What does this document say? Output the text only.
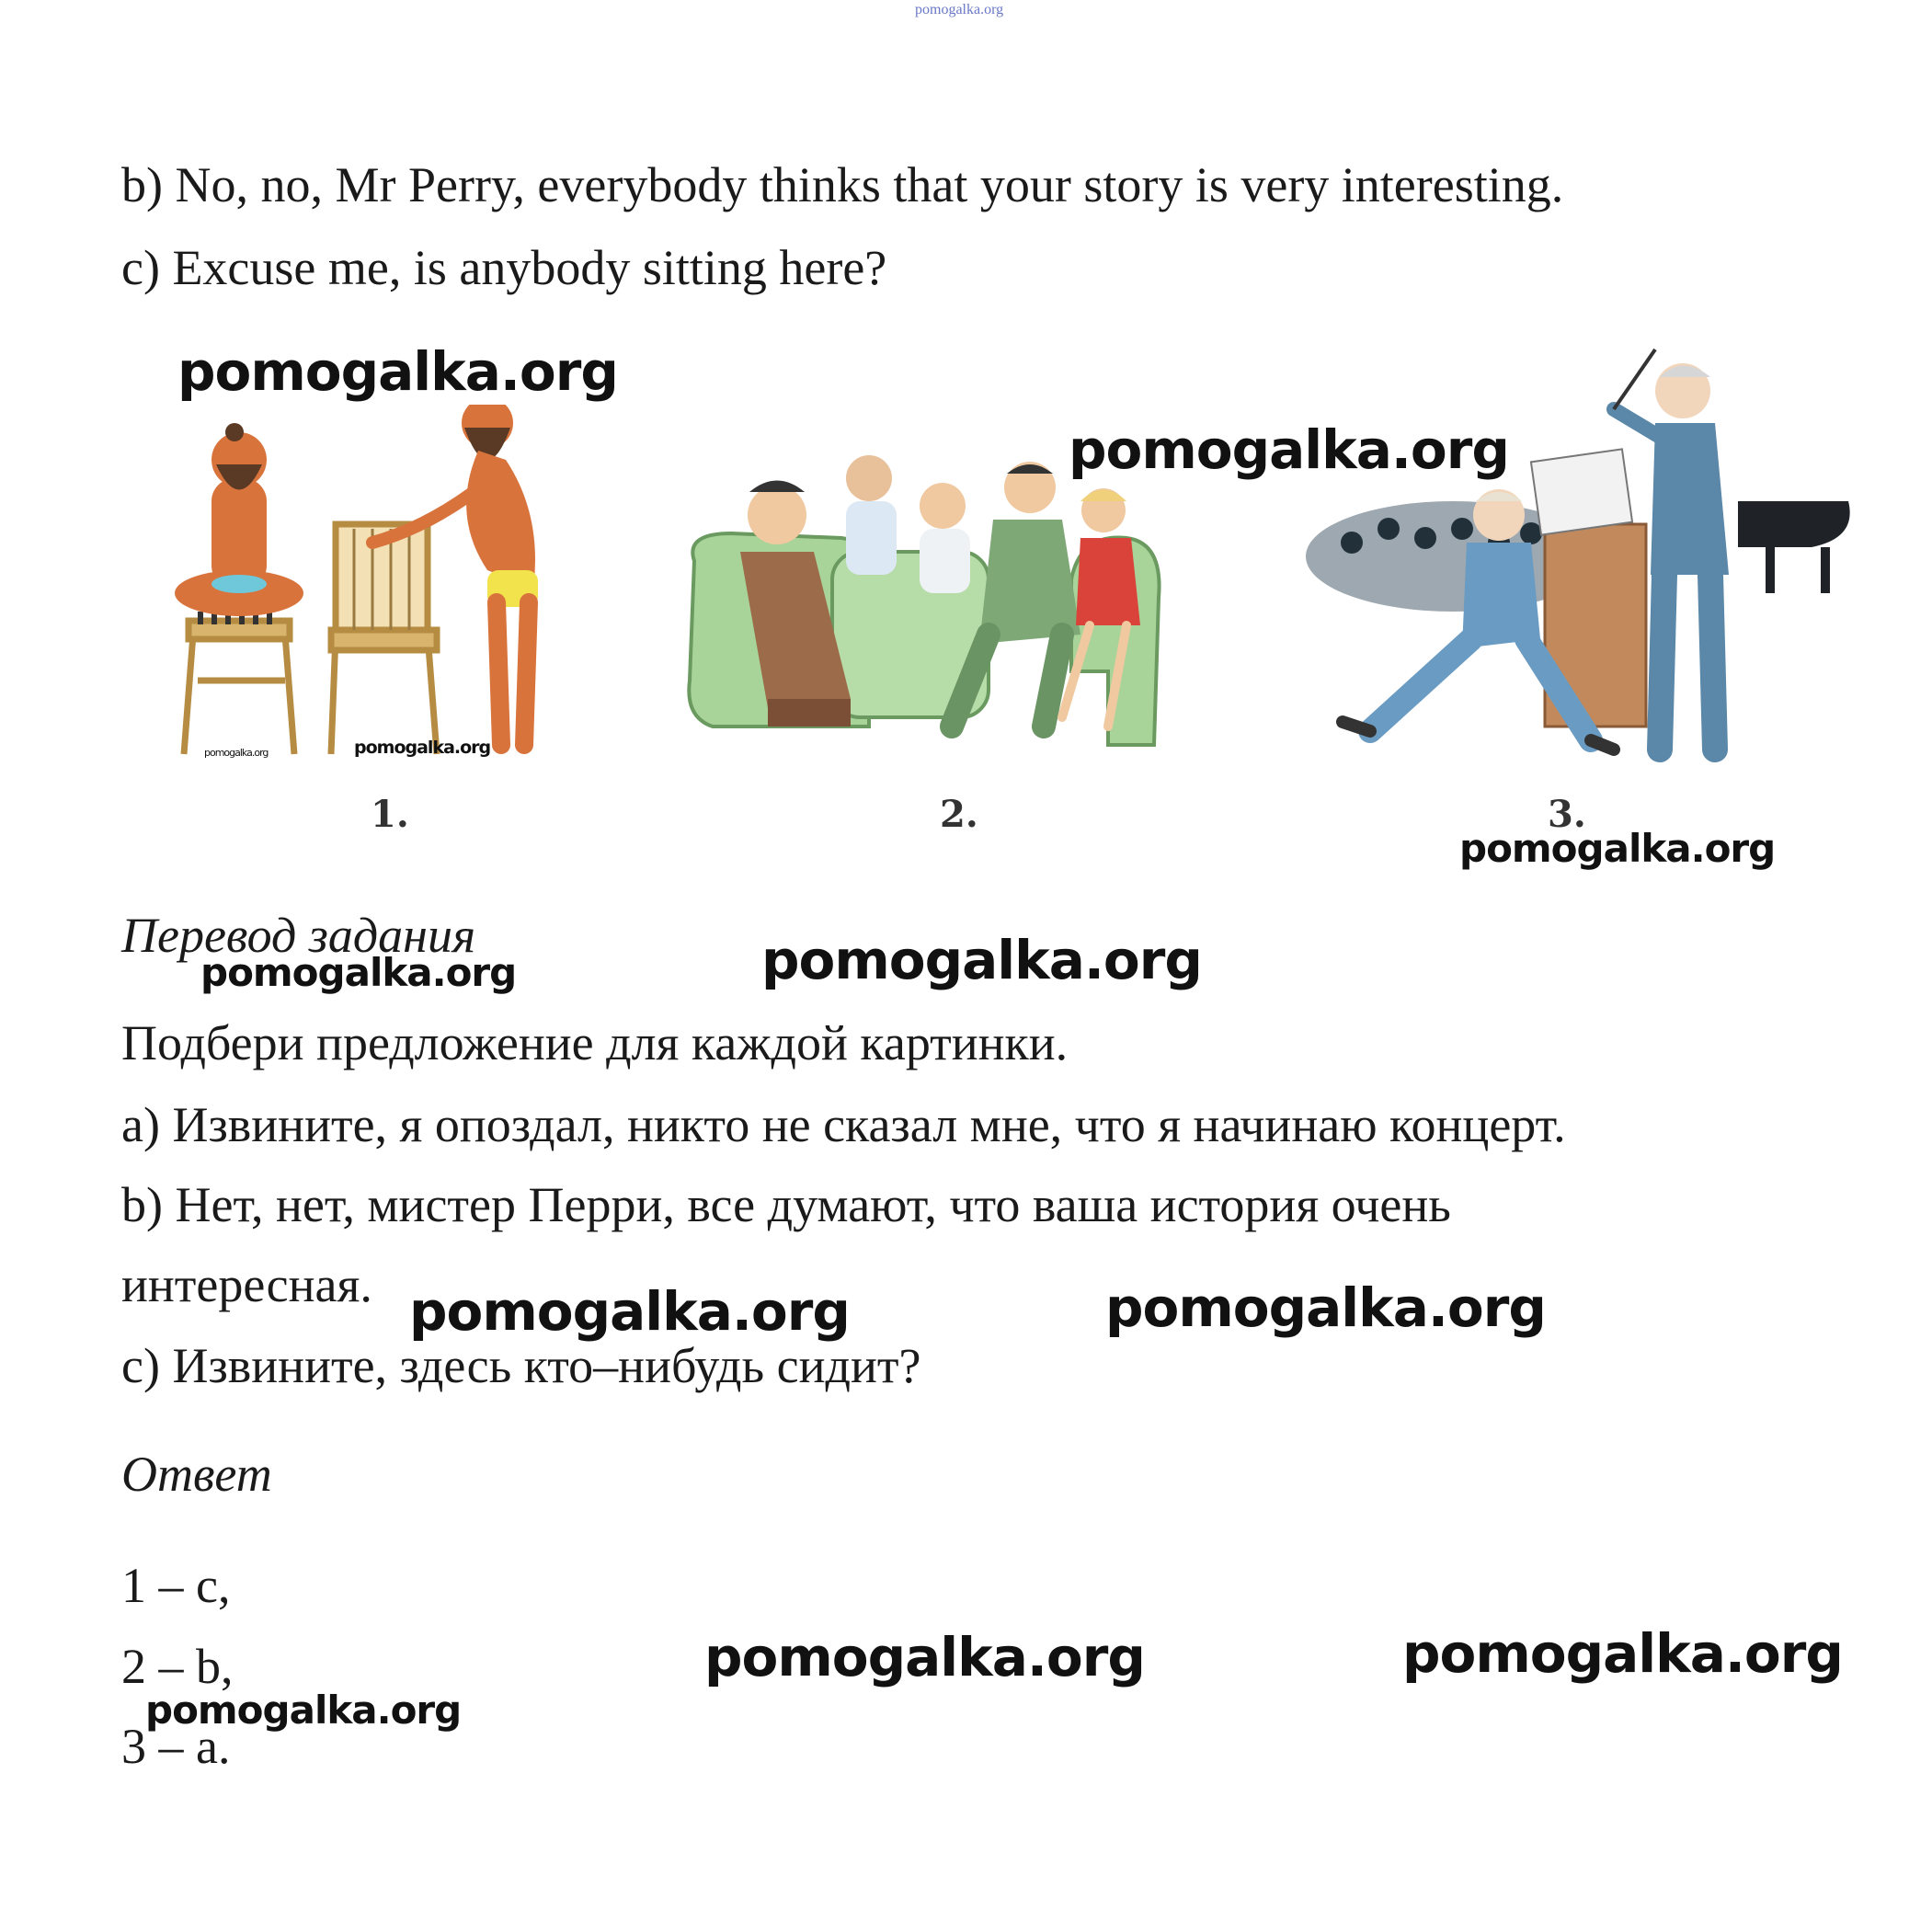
pomogalka.org
b) No, no, Mr Perry, everybody thinks that your story is very interesting.
c) Excuse me, is anybody sitting here?
1.	2.	3.
Перевод задания
Подбери предложение для каждой картинки.
a) Извините, я опоздал, никто не сказал мне, что я начинаю концерт.
b) Нет, нет, мистер Перри, все думают, что ваша история очень
интересная.
c) Извините, здесь кто–нибудь сидит?
Ответ
1 – c,
2 – b,
3 – a.
pomogalka.org
pomogalka.org
pomogalka.org	pomogalka.org
pomogalka.org
pomogalka.org	pomogalka.org
pomogalka.org	pomogalka.org
pomogalka.org	pomogalka.org
pomogalka.org
